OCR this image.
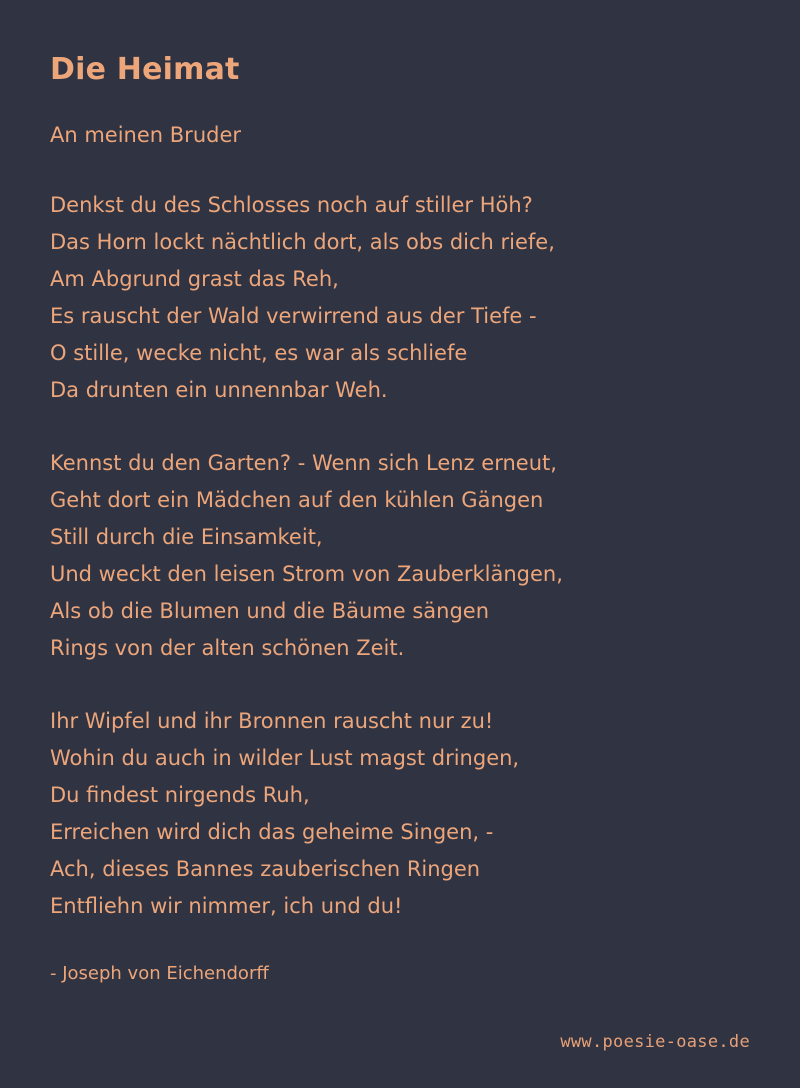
Die Heimat
An meinen Bruder
Denkst du des Schlosses noch auf stiller Höh?
Das Horn lockt nächtlich dort, als obs dich riefe,
Am Abgrund grast das Reh,
Es rauscht der Wald verwirrend aus der Tiefe -
O stille, wecke nicht, es war als schliefe
Da drunten ein unnennbar Weh.
Kennst du den Garten? - Wenn sich Lenz erneut,
Geht dort ein Mädchen auf den kühlen Gängen
Still durch die Einsamkeit,
Und weckt den leisen Strom von Zauberklängen,
Als ob die Blumen und die Bäume sängen
Rings von der alten schönen Zeit.
Ihr Wipfel und ihr Bronnen rauscht nur zu!
Wohin du auch in wilder Lust magst dringen,
Du findest nirgends Ruh,
Erreichen wird dich das geheime Singen, -
Ach, dieses Bannes zauberischen Ringen
Entfliehn wir nimmer, ich und du!
- Joseph von Eichendorff
www.poesie-oase.de
